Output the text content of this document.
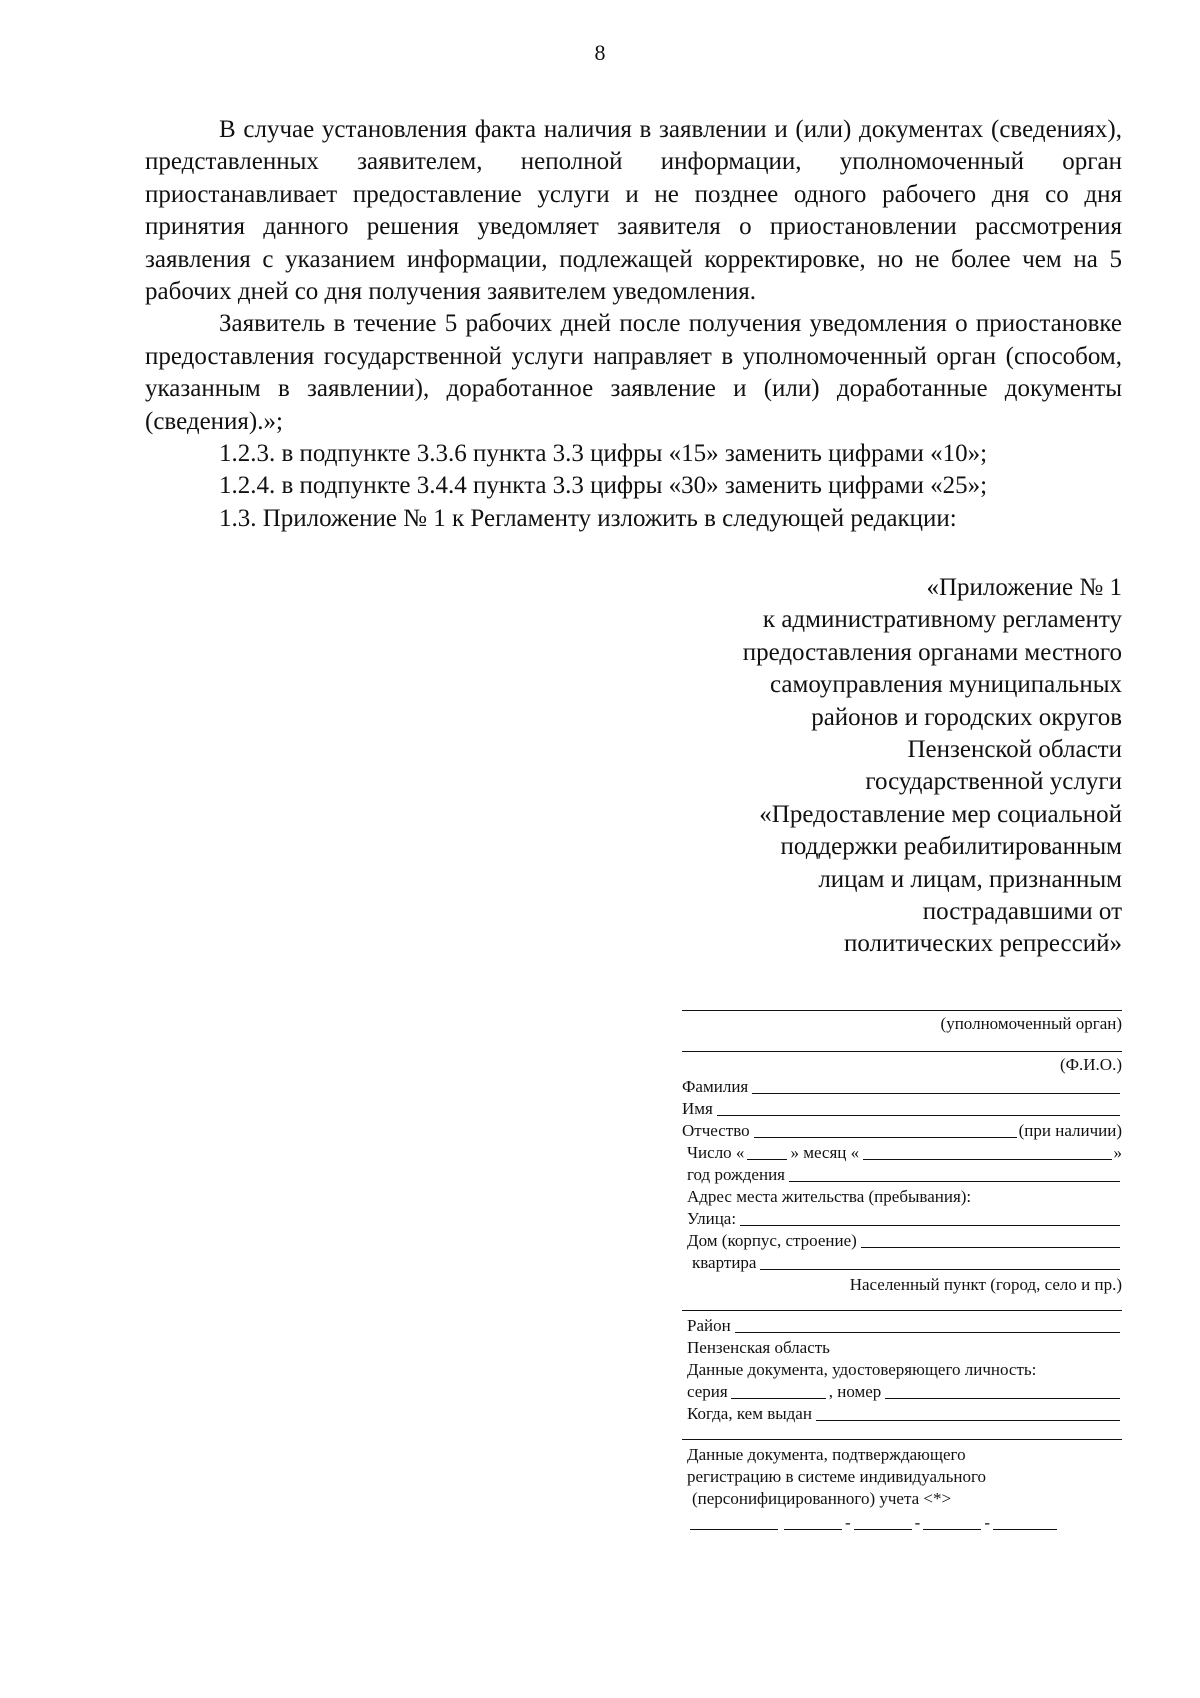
8

В случае установления факта наличия в заявлении и (или) документах (сведениях), представленных заявителем, неполной информации, уполномоченный орган приостанавливает предоставление услуги и не позднее одного рабочего дня со дня принятия данного решения уведомляет заявителя о приостановлении рассмотрения заявления с указанием информации, подлежащей корректировке, но не более чем на 5 рабочих дней со дня получения заявителем уведомления.

Заявитель в течение 5 рабочих дней после получения уведомления о приостановке предоставления государственной услуги направляет в уполномоченный орган (способом, указанным в заявлении), доработанное заявление и (или) доработанные документы (сведения).»;

1.2.3. в подпункте 3.3.6 пункта 3.3 цифры «15» заменить цифрами «10»;

1.2.4. в подпункте 3.4.4 пункта 3.3 цифры «30» заменить цифрами «25»;

1.3. Приложение № 1 к Регламенту изложить в следующей редакции:

«Приложение № 1
к административному регламенту
предоставления органами местного
самоуправления муниципальных
районов и городских округов
Пензенской области
государственной услуги
«Предоставление мер социальной
поддержки реабилитированным
лицам и лицам, признанным
пострадавшими от
политических репрессий»
(уполномоченный орган)
(Ф.И.О.)
Фамилия
Имя
Отчество	(при наличии)
Число «	» месяц «	»
год рождения
Адрес места жительства (пребывания):
Улица:
Дом (корпус, строение)
квартира
Населенный пункт (город, село и пр.)
Район
Пензенская область
Данные документа, удостоверяющего личность:
серия	, номер
Когда, кем выдан
Данные документа, подтверждающего
регистрацию в системе индивидуального
(персонифицированного) учета <*>
-	-	-
